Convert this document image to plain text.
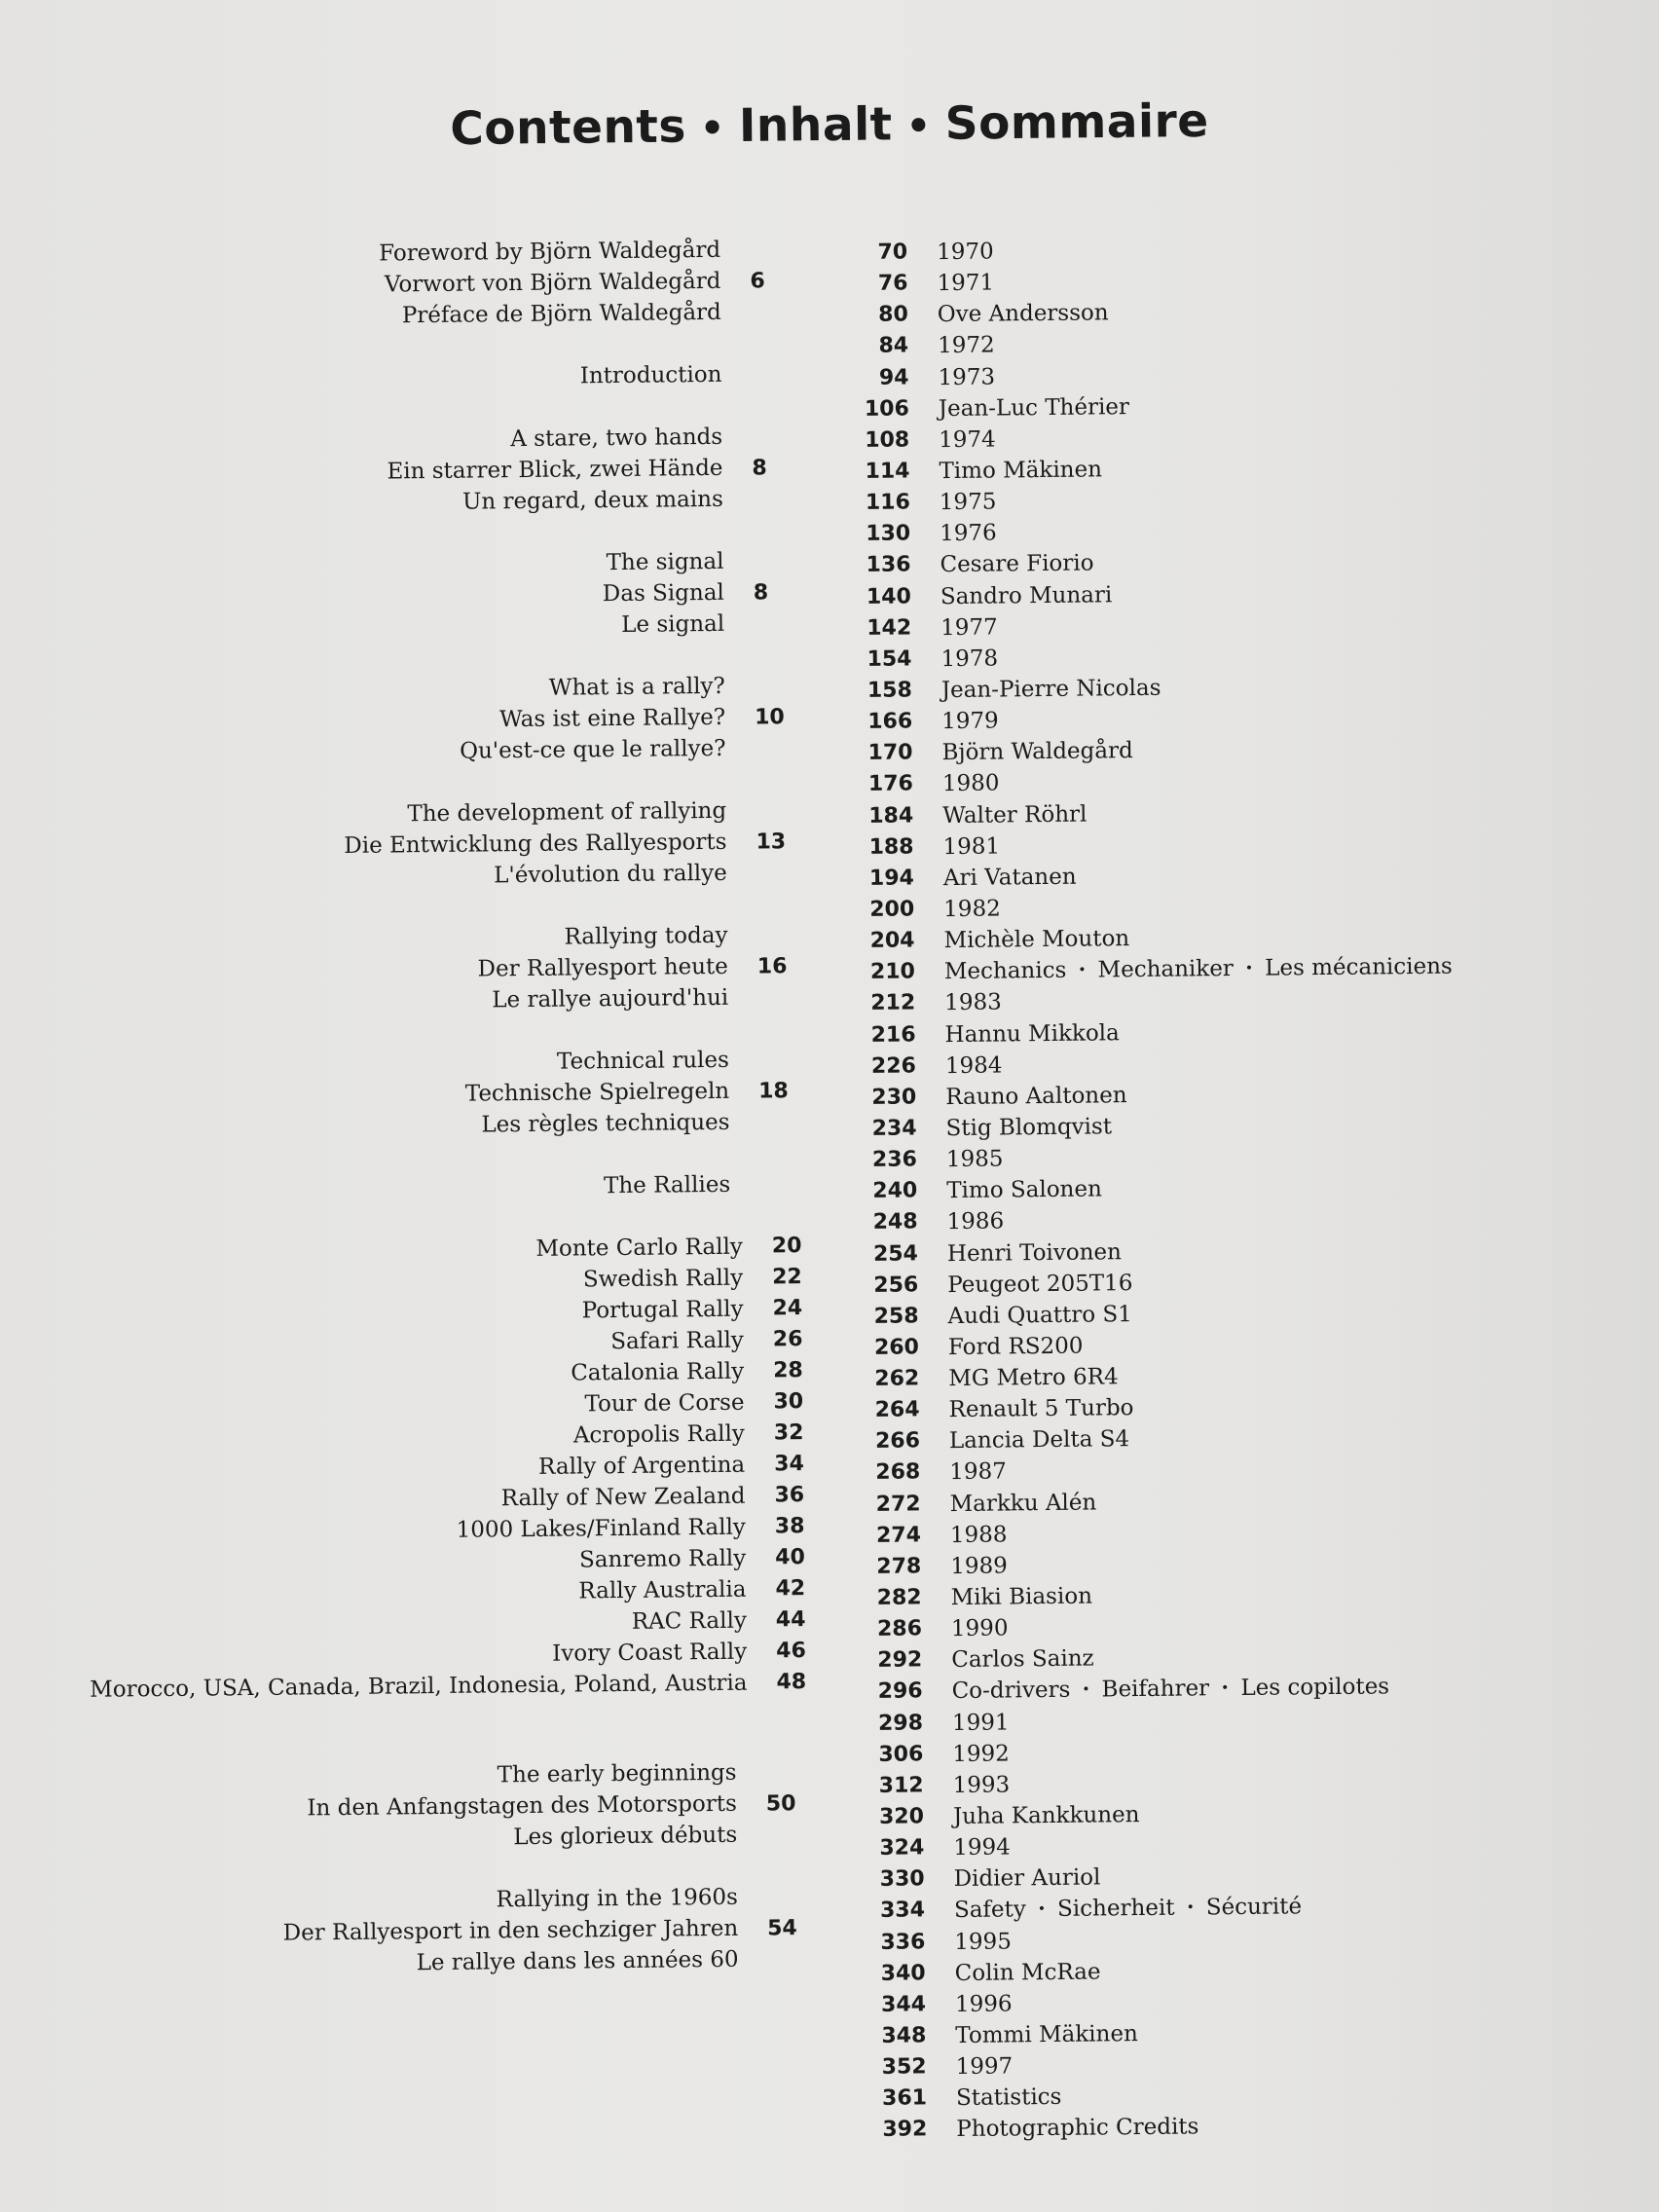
Contents • Inhalt • Sommaire
Foreword by Björn Waldegård
Vorwort von Björn Waldegård
Préface de Björn Waldegård
6
Introduction
A stare, two hands
Ein starrer Blick, zwei Hände
Un regard, deux mains
8
The signal
Das Signal
Le signal
8
What is a rally?
Was ist eine Rallye?
Qu'est-ce que le rallye?
10
The development of rallying
Die Entwicklung des Rallyesports
L'évolution du rallye
13
Rallying today
Der Rallyesport heute
Le rallye aujourd'hui
16
Technical rules
Technische Spielregeln
Les règles techniques
18
The Rallies
Monte Carlo Rally	20
Swedish Rally	22
Portugal Rally	24
Safari Rally	26
Catalonia Rally	28
Tour de Corse	30
Acropolis Rally	32
Rally of Argentina	34
Rally of New Zealand	36
1000 Lakes/Finland Rally	38
Sanremo Rally	40
Rally Australia	42
RAC Rally	44
Ivory Coast Rally	46
Morocco, USA, Canada, Brazil, Indonesia, Poland, Austria	48
The early beginnings
In den Anfangstagen des Motorsports
Les glorieux débuts
50
Rallying in the 1960s
Der Rallyesport in den sechziger Jahren
Le rallye dans les années 60
54
70	1970
76	1971
80	Ove Andersson
84	1972
94	1973
106	Jean-Luc Thérier
108	1974
114	Timo Mäkinen
116	1975
130	1976
136	Cesare Fiorio
140	Sandro Munari
142	1977
154	1978
158	Jean-Pierre Nicolas
166	1979
170	Björn Waldegård
176	1980
184	Walter Röhrl
188	1981
194	Ari Vatanen
200	1982
204	Michèle Mouton
210	Mechanics • Mechaniker • Les mécaniciens
212	1983
216	Hannu Mikkola
226	1984
230	Rauno Aaltonen
234	Stig Blomqvist
236	1985
240	Timo Salonen
248	1986
254	Henri Toivonen
256	Peugeot 205T16
258	Audi Quattro S1
260	Ford RS200
262	MG Metro 6R4
264	Renault 5 Turbo
266	Lancia Delta S4
268	1987
272	Markku Alén
274	1988
278	1989
282	Miki Biasion
286	1990
292	Carlos Sainz
296	Co-drivers • Beifahrer • Les copilotes
298	1991
306	1992
312	1993
320	Juha Kankkunen
324	1994
330	Didier Auriol
334	Safety • Sicherheit • Sécurité
336	1995
340	Colin McRae
344	1996
348	Tommi Mäkinen
352	1997
361	Statistics
392	Photographic Credits
